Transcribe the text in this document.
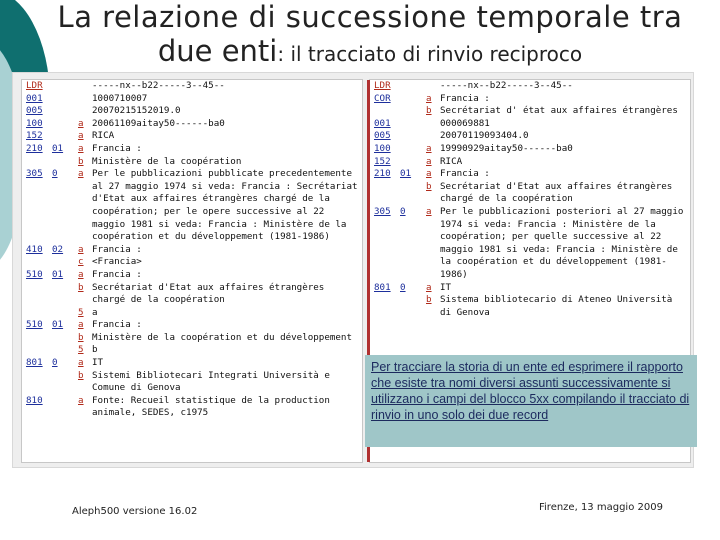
La relazione di successione temporale tra
due enti: il tracciato di rinvio reciproco
LDR	-----nx--b22-----3--45--
001	1000710007
005	20070215152019.0
100	a 20061109aitay50------ba0
152	a RICA
210	01	a Francia :
b Ministère de la coopération
305	0	a Per le pubblicazioni pubblicate precedentemente al 27 maggio 1974 si veda: Francia : Secrétariat d'Etat aux affaires étrangères chargé de la coopération; per le opere successive al 22 maggio 1981 si veda: Francia : Ministère de la coopération et du développement (1981-1986)
410	02	a Francia :
c <Francia>
510	01	a Francia :
b Secrétariat d'Etat aux affaires étrangères chargé de la coopération
5 a
510	01	a Francia :
b Ministère de la coopération et du développement
5 b
801	0	a IT
b Sistemi Bibliotecari Integrati Università e Comune di Genova
810	a Fonte: Recueil statistique de la production animale, SEDES, c1975
LDR	-----nx--b22-----3--45--
COR	a Francia :
b Secrétariat d' état aux affaires étrangères
001	000069881
005	20070119093404.0
100	a 19990929aitay50------ba0
152	a RICA
210	01	a Francia :
b Secrétariat d'Etat aux affaires étrangères chargé de la coopération
305	0	a Per le pubblicazioni posteriori al 27 maggio 1974 si veda: Francia : Ministère de la coopération; per quelle successive al 22 maggio 1981 si veda: Francia : Ministère de la coopération et du développement (1981-1986)
801	0	a IT
b Sistema bibliotecario di Ateneo Università di Genova
Per tracciare la storia di un ente ed esprimere il rapporto che esiste tra nomi diversi assunti successivamente si utilizzano i campi del blocco 5xx compilando il tracciato di rinvio in uno solo dei due record
Aleph500 versione 16.02	Firenze, 13 maggio 2009
